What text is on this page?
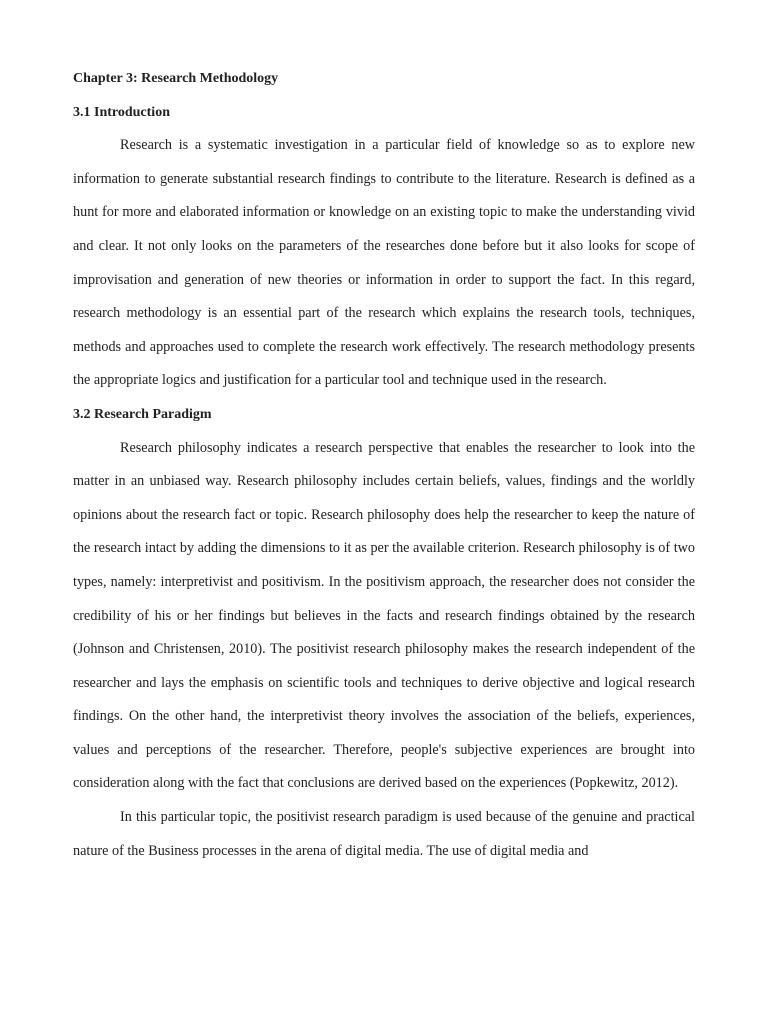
Chapter 3: Research Methodology

3.1 Introduction

Research is a systematic investigation in a particular field of knowledge so as to explore new information to generate substantial research findings to contribute to the literature. Research is defined as a hunt for more and elaborated information or knowledge on an existing topic to make the understanding vivid and clear. It not only looks on the parameters of the researches done before but it also looks for scope of improvisation and generation of new theories or information in order to support the fact. In this regard, research methodology is an essential part of the research which explains the research tools, techniques, methods and approaches used to complete the research work effectively. The research methodology presents the appropriate logics and justification for a particular tool and technique used in the research.

3.2 Research Paradigm

Research philosophy indicates a research perspective that enables the researcher to look into the matter in an unbiased way. Research philosophy includes certain beliefs, values, findings and the worldly opinions about the research fact or topic. Research philosophy does help the researcher to keep the nature of the research intact by adding the dimensions to it as per the available criterion. Research philosophy is of two types, namely: interpretivist and positivism. In the positivism approach, the researcher does not consider the credibility of his or her findings but believes in the facts and research findings obtained by the research (Johnson and Christensen, 2010). The positivist research philosophy makes the research independent of the researcher and lays the emphasis on scientific tools and techniques to derive objective and logical research findings. On the other hand, the interpretivist theory involves the association of the beliefs, experiences, values and perceptions of the researcher. Therefore, people's subjective experiences are brought into consideration along with the fact that conclusions are derived based on the experiences (Popkewitz, 2012).

In this particular topic, the positivist research paradigm is used because of the genuine and practical nature of the Business processes in the arena of digital media. The use of digital media and
